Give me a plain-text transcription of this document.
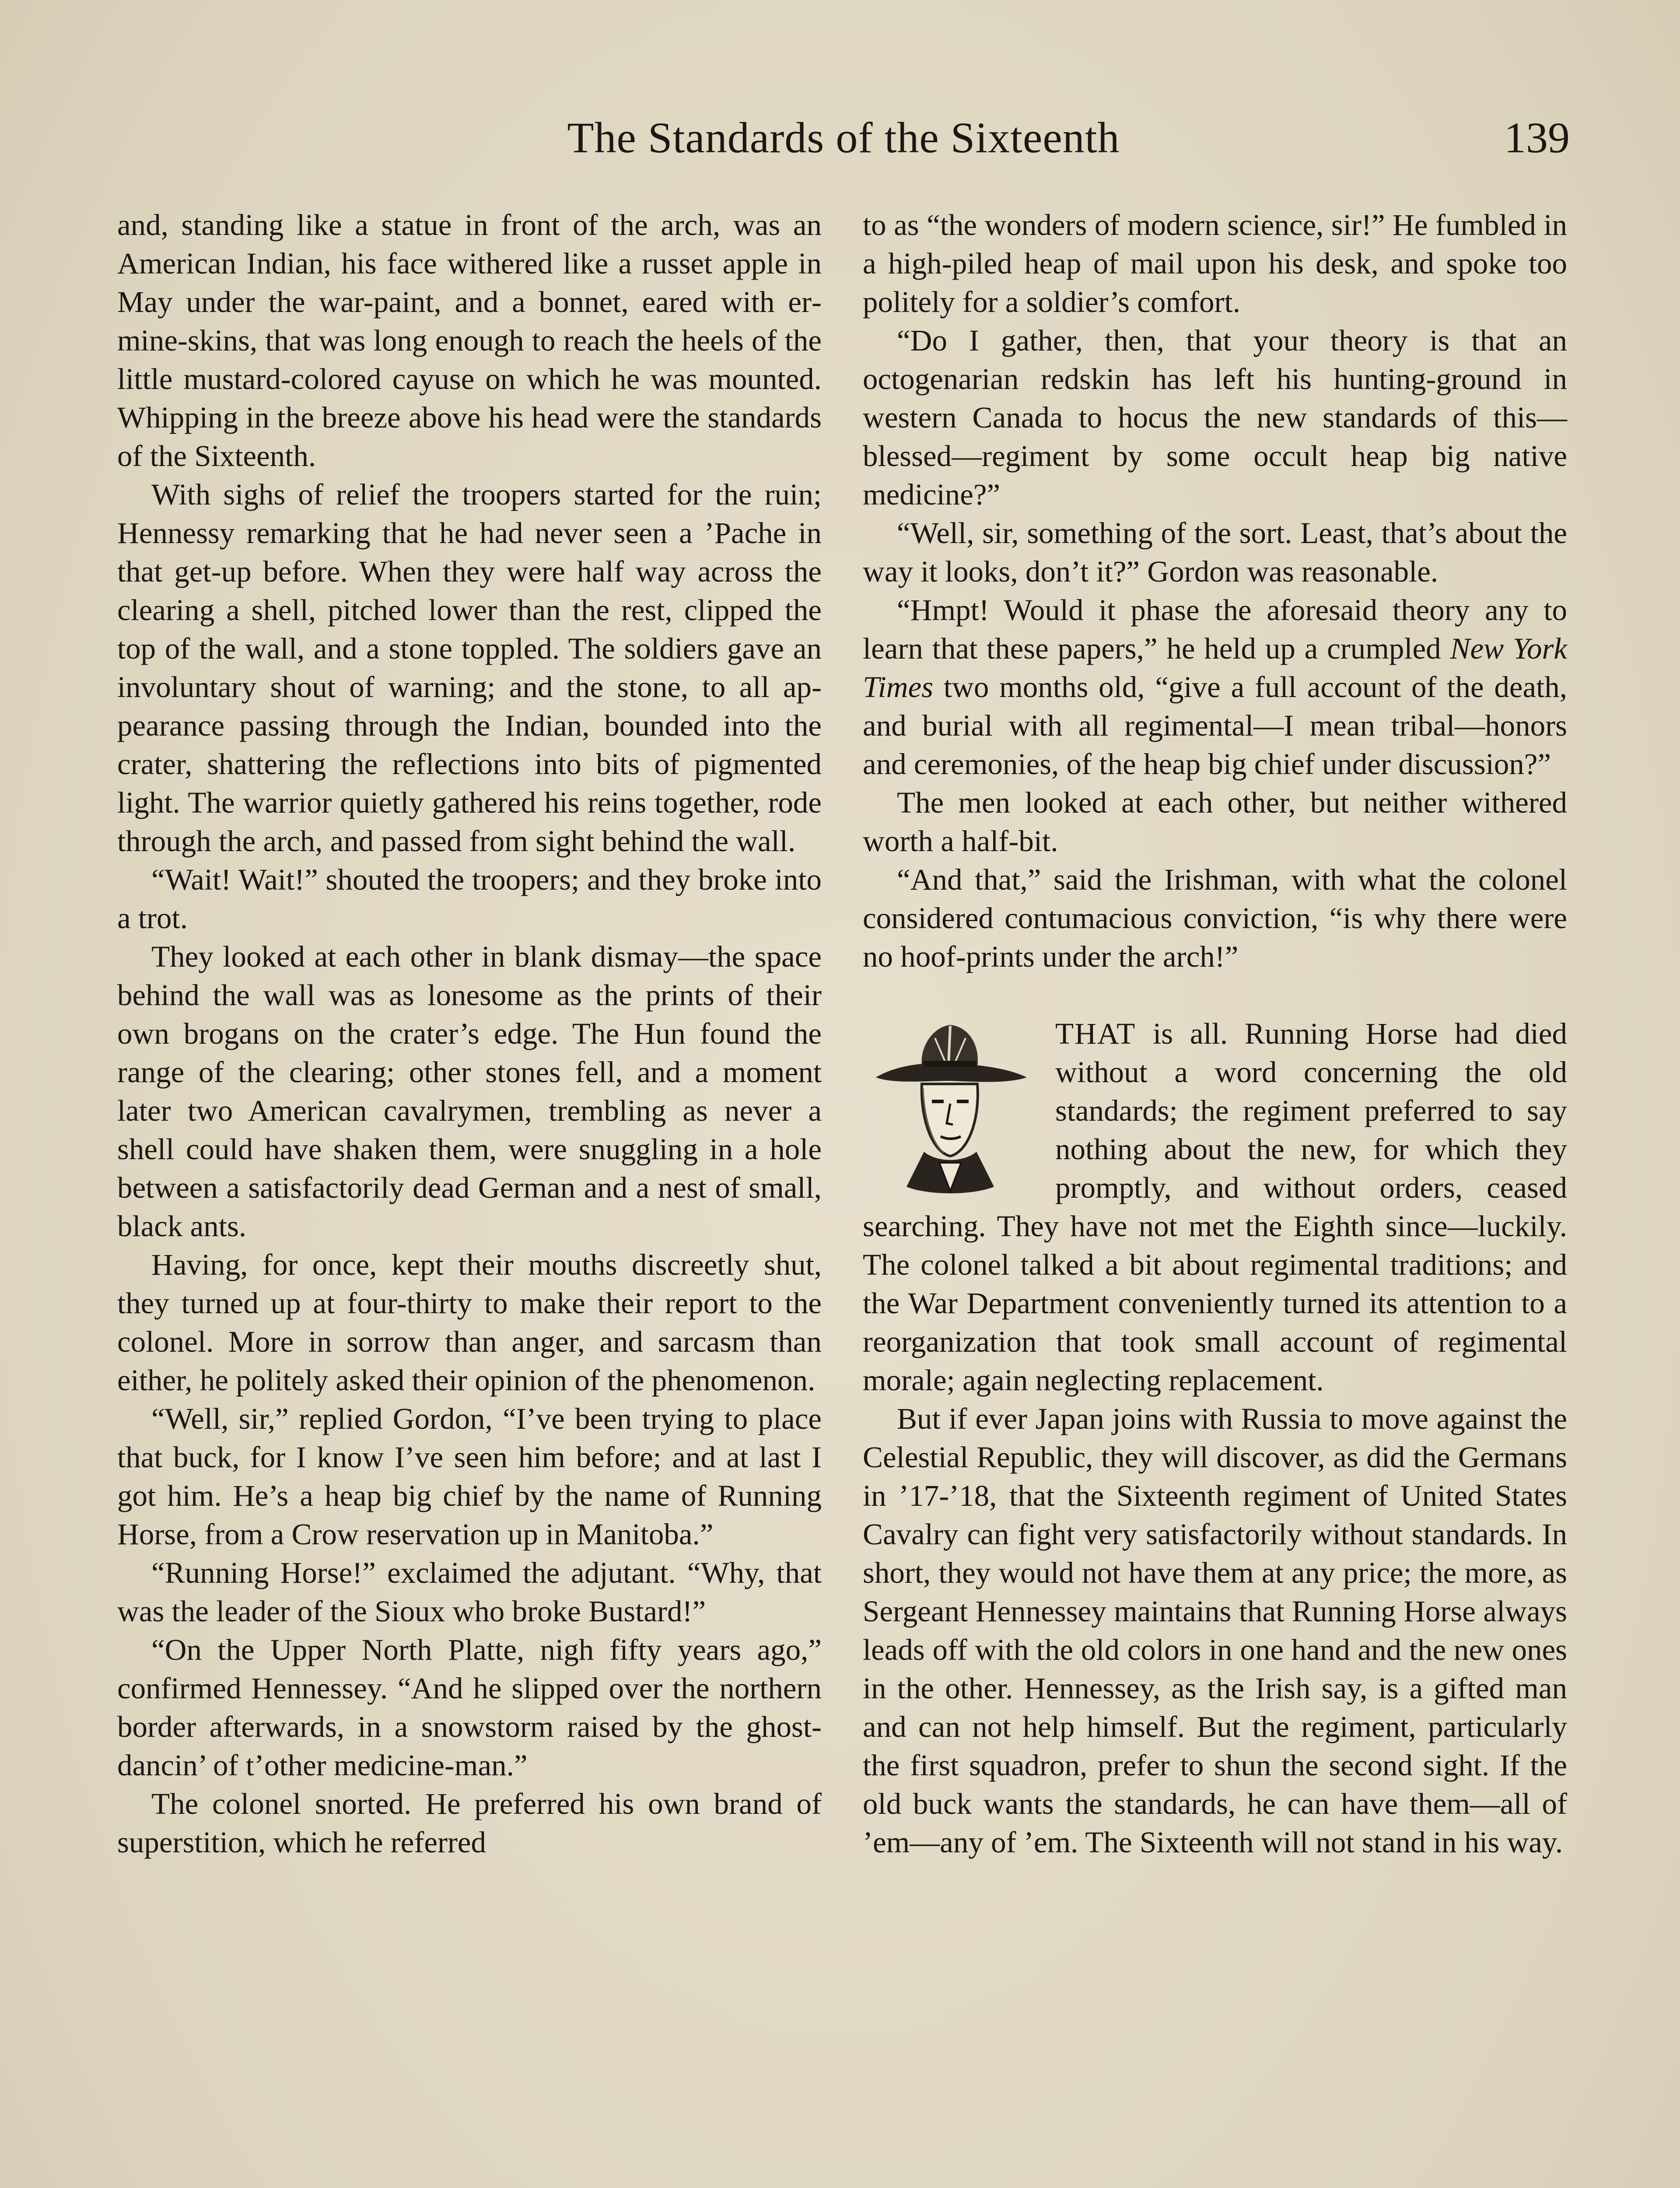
The Standards of the Sixteenth	139

and, standing like a statue in front of the arch, was an American Indian, his face withered like a russet apple in May under the war-paint, and a bonnet, eared with ermine-skins, that was long enough to reach the heels of the little mustard-colored cayuse on which he was mounted. Whipping in the breeze above his head were the standards of the Sixteenth.

With sighs of relief the troopers started for the ruin; Hennessy remarking that he had never seen a ’Pache in that get-up before. When they were half way across the clearing a shell, pitched lower than the rest, clipped the top of the wall, and a stone toppled. The soldiers gave an involuntary shout of warning; and the stone, to all appearance passing through the Indian, bounded into the crater, shattering the reflections into bits of pigmented light. The warrior quietly gathered his reins together, rode through the arch, and passed from sight behind the wall.

“Wait! Wait!” shouted the troopers; and they broke into a trot.

They looked at each other in blank dismay—the space behind the wall was as lonesome as the prints of their own brogans on the crater’s edge. The Hun found the range of the clearing; other stones fell, and a moment later two American cavalrymen, trembling as never a shell could have shaken them, were snuggling in a hole between a satisfactorily dead German and a nest of small, black ants.

Having, for once, kept their mouths discreetly shut, they turned up at four-thirty to make their report to the colonel. More in sorrow than anger, and sarcasm than either, he politely asked their opinion of the phenomenon.

“Well, sir,” replied Gordon, “I’ve been trying to place that buck, for I know I’ve seen him before; and at last I got him. He’s a heap big chief by the name of Running Horse, from a Crow reservation up in Manitoba.”

“Running Horse!” exclaimed the adjutant. “Why, that was the leader of the Sioux who broke Bustard!”

“On the Upper North Platte, nigh fifty years ago,” confirmed Hennessey. “And he slipped over the northern border afterwards, in a snowstorm raised by the ghost-dancin’ of t’other medicine-man.”

The colonel snorted. He preferred his own brand of superstition, which he referred

to as “the wonders of modern science, sir!” He fumbled in a high-piled heap of mail upon his desk, and spoke too politely for a soldier’s comfort.

“Do I gather, then, that your theory is that an octogenarian redskin has left his hunting-ground in western Canada to hocus the new standards of this—blessed—regiment by some occult heap big native medicine?”

“Well, sir, something of the sort. Least, that’s about the way it looks, don’t it?” Gordon was reasonable.

“Hmpt! Would it phase the aforesaid theory any to learn that these papers,” he held up a crumpled New York Times two months old, “give a full account of the death, and burial with all regimental—I mean tribal—honors and ceremonies, of the heap big chief under discussion?”

The men looked at each other, but neither withered worth a half-bit.

“And that,” said the Irishman, with what the colonel considered contumacious conviction, “is why there were no hoof-prints under the arch!”

THAT is all. Running Horse had died without a word concerning the old standards; the regiment preferred to say nothing about the new, for which they promptly, and without orders, ceased searching. They have not met the Eighth since—luckily. The colonel talked a bit about regimental traditions; and the War Department conveniently turned its attention to a reorganization that took small account of regimental morale; again neglecting replacement.

But if ever Japan joins with Russia to move against the Celestial Republic, they will discover, as did the Germans in ’17-’18, that the Sixteenth regiment of United States Cavalry can fight very satisfactorily without standards. In short, they would not have them at any price; the more, as Sergeant Hennessey maintains that Running Horse always leads off with the old colors in one hand and the new ones in the other. Hennessey, as the Irish say, is a gifted man and can not help himself. But the regiment, particularly the first squadron, prefer to shun the second sight. If the old buck wants the standards, he can have them—all of ’em—any of ’em. The Sixteenth will not stand in his way.
